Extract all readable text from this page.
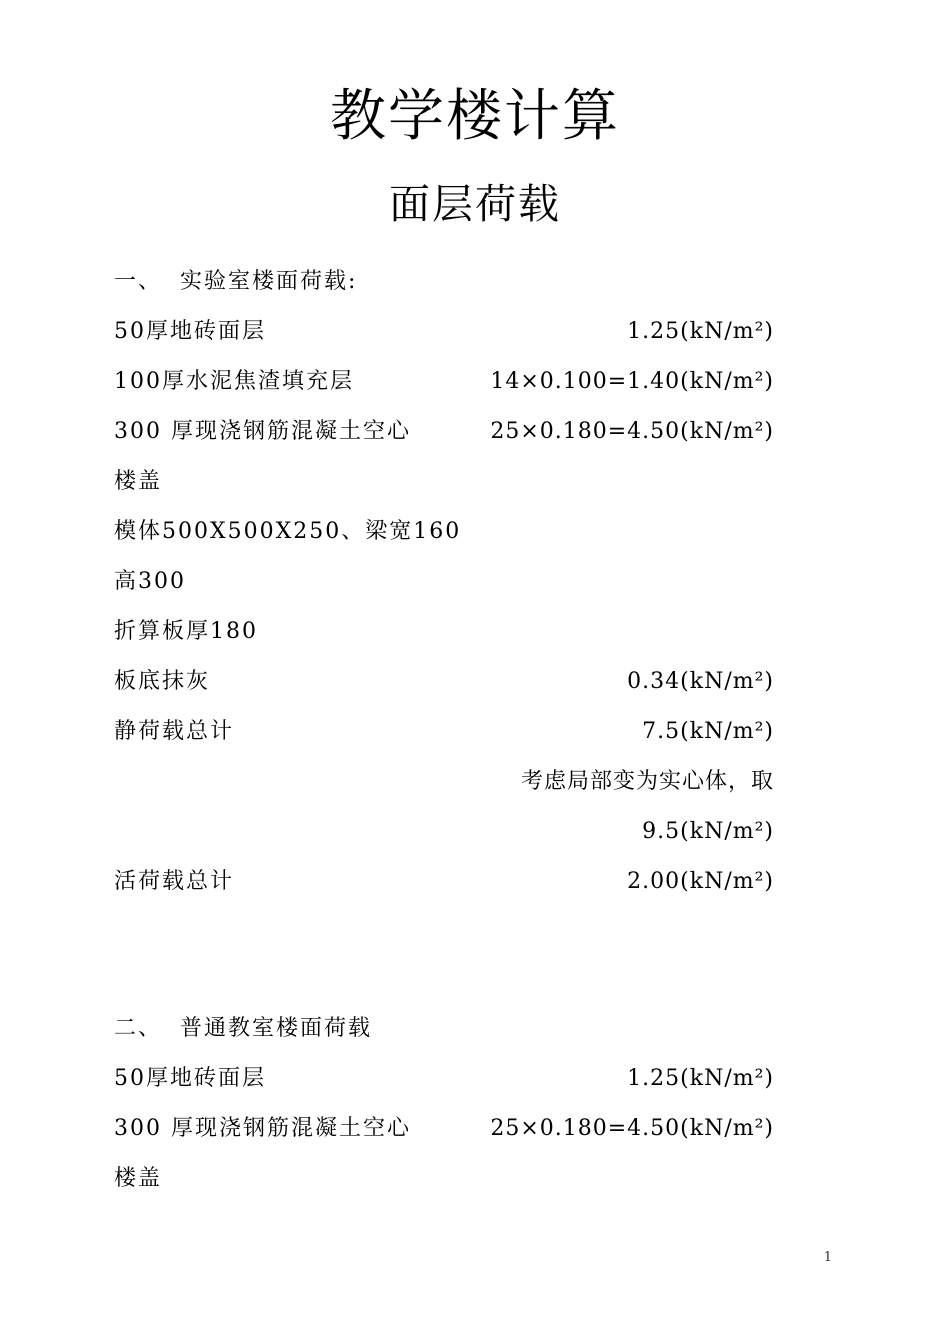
教学楼计算
面层荷载
一、 实验室楼面荷载:
50厚地砖面层	1.25(kN/m²)
100厚水泥焦渣填充层	14×0.100=1.40(kN/m²)
300 厚现浇钢筋混凝土空心	25×0.180=4.50(kN/m²)
楼盖
模体500X500X250、梁宽160
高300
折算板厚180
板底抹灰	0.34(kN/m²)
静荷载总计	7.5(kN/m²)
考虑局部变为实心体，取
9.5(kN/m²)
活荷载总计	2.00(kN/m²)
二、 普通教室楼面荷载
50厚地砖面层	1.25(kN/m²)
300 厚现浇钢筋混凝土空心	25×0.180=4.50(kN/m²)
楼盖
1
